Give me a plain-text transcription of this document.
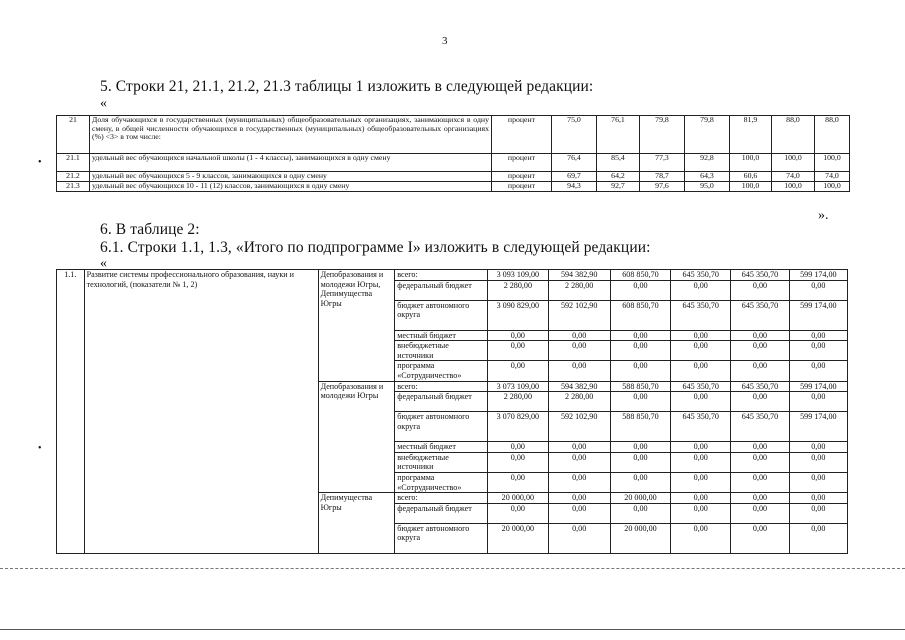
3
5. Строки 21, 21.1, 21.2, 21.3 таблицы 1 изложить в следующей редакции:
«
•
21	Доля обучающихся в государственных (муниципальных) общеобразовательных организациях, занимающихся в одну смену, в общей численности обучающихся в государственных (муниципальных) общеобразовательных организациях (%) <3> в том числе:	процент	75,0	76,1	79,8	79,8	81,9	88,0	88,0
21.1	удельный вес обучающихся начальной школы (1 - 4 классы), занимающихся в одну смену	процент	76,4	85,4	77,3	92,8	100,0	100,0	100,0
21.2	удельный вес обучающихся 5 - 9 классов, занимающихся в одну смену	процент	69,7	64,2	78,7	64,3	60,6	74,0	74,0
21.3	удельный вес обучающихся 10 - 11 (12) классов, занимающихся в одну смену	процент	94,3	92,7	97,6	95,0	100,0	100,0	100,0
».
6. В таблице 2:
6.1. Строки 1.1, 1.3, «Итого по подпрограмме I» изложить в следующей редакции:
«
•
1.1.	Развитие системы профессионального образования, науки и технологий, (показатели № 1, 2)	Депобразования и молодежи Югры, Депимущества Югры	всего:	3 093 109,00	594 382,90	608 850,70	645 350,70	645 350,70	599 174,00
			федеральный бюджет	2 280,00	2 280,00	0,00	0,00	0,00	0,00
			бюджет автономного округа	3 090 829,00	592 102,90	608 850,70	645 350,70	645 350,70	599 174,00
			местный бюджет	0,00	0,00	0,00	0,00	0,00	0,00
			внебюджетные источники	0,00	0,00	0,00	0,00	0,00	0,00
			программа «Сотрудничество»	0,00	0,00	0,00	0,00	0,00	0,00
		Депобразования и молодежи Югры	всего:	3 073 109,00	594 382,90	588 850,70	645 350,70	645 350,70	599 174,00
			федеральный бюджет	2 280,00	2 280,00	0,00	0,00	0,00	0,00
			бюджет автономного округа	3 070 829,00	592 102,90	588 850,70	645 350,70	645 350,70	599 174,00
			местный бюджет	0,00	0,00	0,00	0,00	0,00	0,00
			внебюджетные источники	0,00	0,00	0,00	0,00	0,00	0,00
			программа «Сотрудничество»	0,00	0,00	0,00	0,00	0,00	0,00
		Депимущества Югры	всего:	20 000,00	0,00	20 000,00	0,00	0,00	0,00
			федеральный бюджет	0,00	0,00	0,00	0,00	0,00	0,00
			бюджет автономного округа	20 000,00	0,00	20 000,00	0,00	0,00	0,00
